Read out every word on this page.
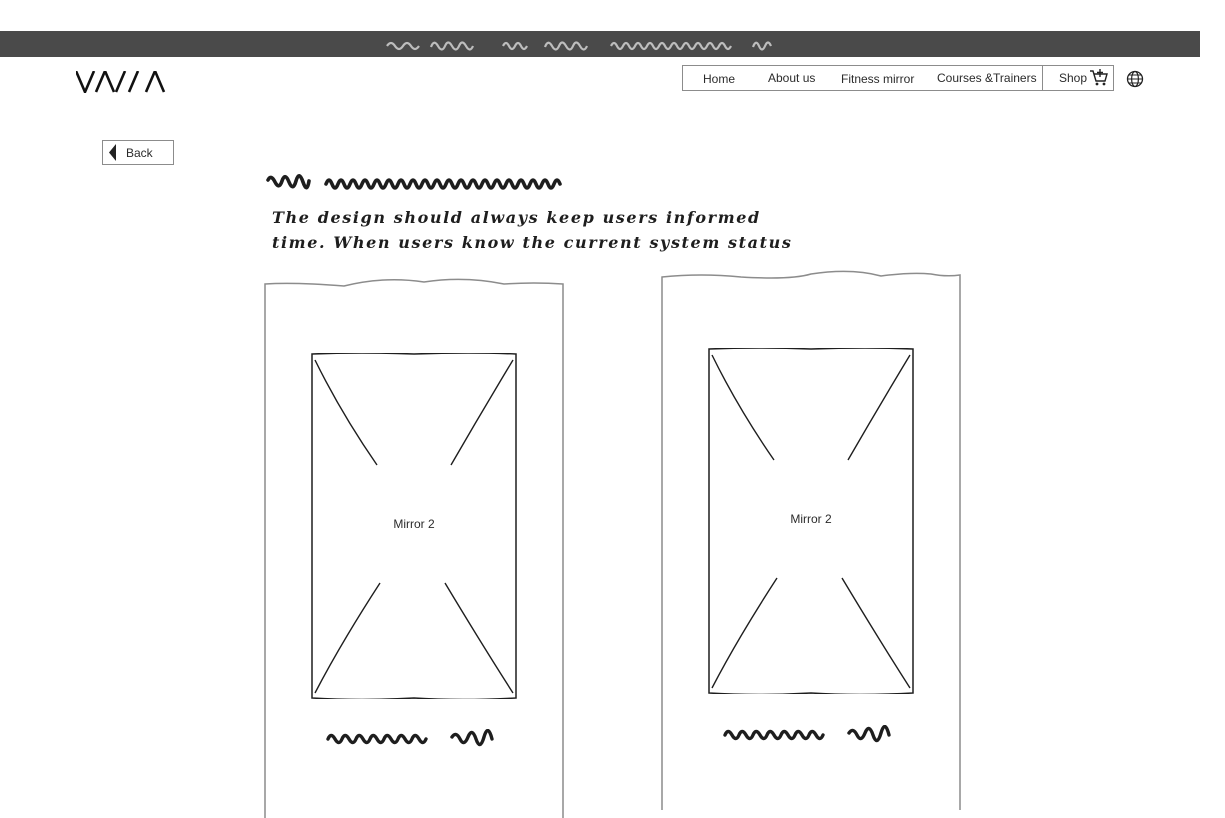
Home	About us Fitness mirror Courses &Trainers Shop
Back
The design should always keep users informed
time. When users know the current system status
Mirror 2	Mirror 2
